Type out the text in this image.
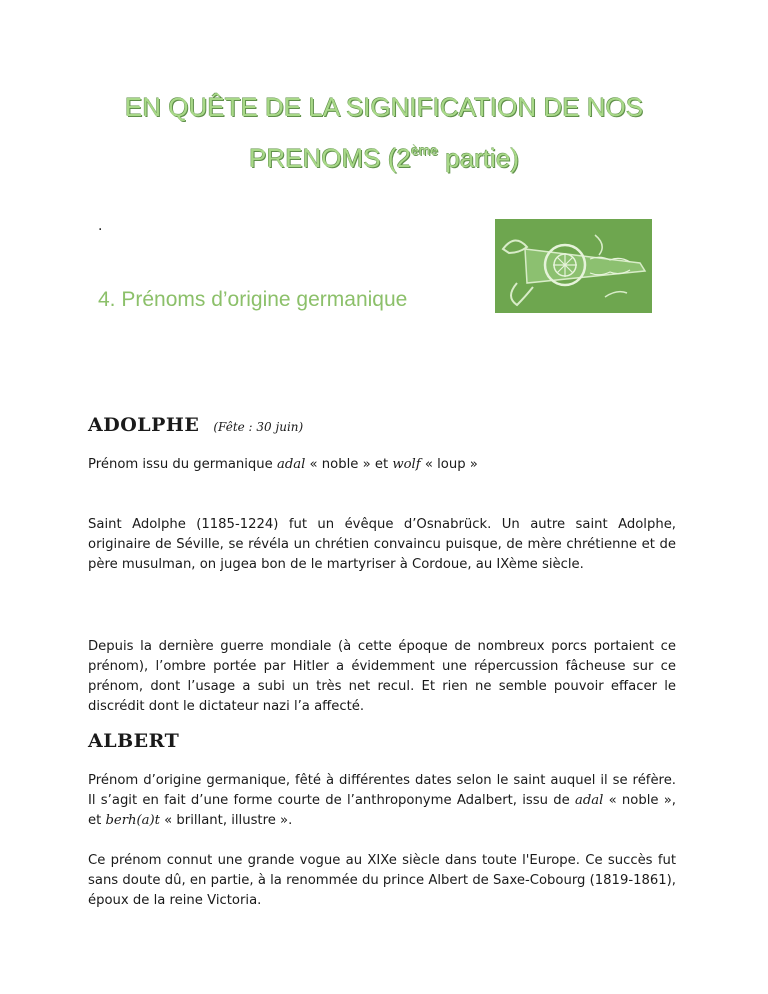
EN QUÊTE DE LA SIGNIFICATION DE NOS
PRENOMS (2ème partie)
.
4. Prénoms d’origine germanique
ADOLPHE (Fête : 30 juin)
Prénom issu du germanique adal « noble » et wolf « loup »
Saint Adolphe (1185-1224) fut un évêque d’Osnabrück. Un autre saint Adolphe, originaire de Séville, se révéla un chrétien convaincu puisque, de mère chrétienne et de père musulman, on jugea bon de le martyriser à Cordoue, au IXème siècle.
Depuis la dernière guerre mondiale (à cette époque de nombreux porcs portaient ce prénom), l’ombre portée par Hitler a évidemment une répercussion fâcheuse sur ce prénom, dont l’usage a subi un très net recul. Et rien ne semble pouvoir effacer le discrédit dont le dictateur nazi l’a affecté.
ALBERT
Prénom d’origine germanique, fêté à différentes dates selon le saint auquel il se réfère. Il s’agit en fait d’une forme courte de l’anthroponyme Adalbert, issu de adal « noble », et berh(a)t « brillant, illustre ».
Ce prénom connut une grande vogue au XIXe siècle dans toute l'Europe. Ce succès fut sans doute dû, en partie, à la renommée du prince Albert de Saxe-Cobourg (1819-1861), époux de la reine Victoria.
